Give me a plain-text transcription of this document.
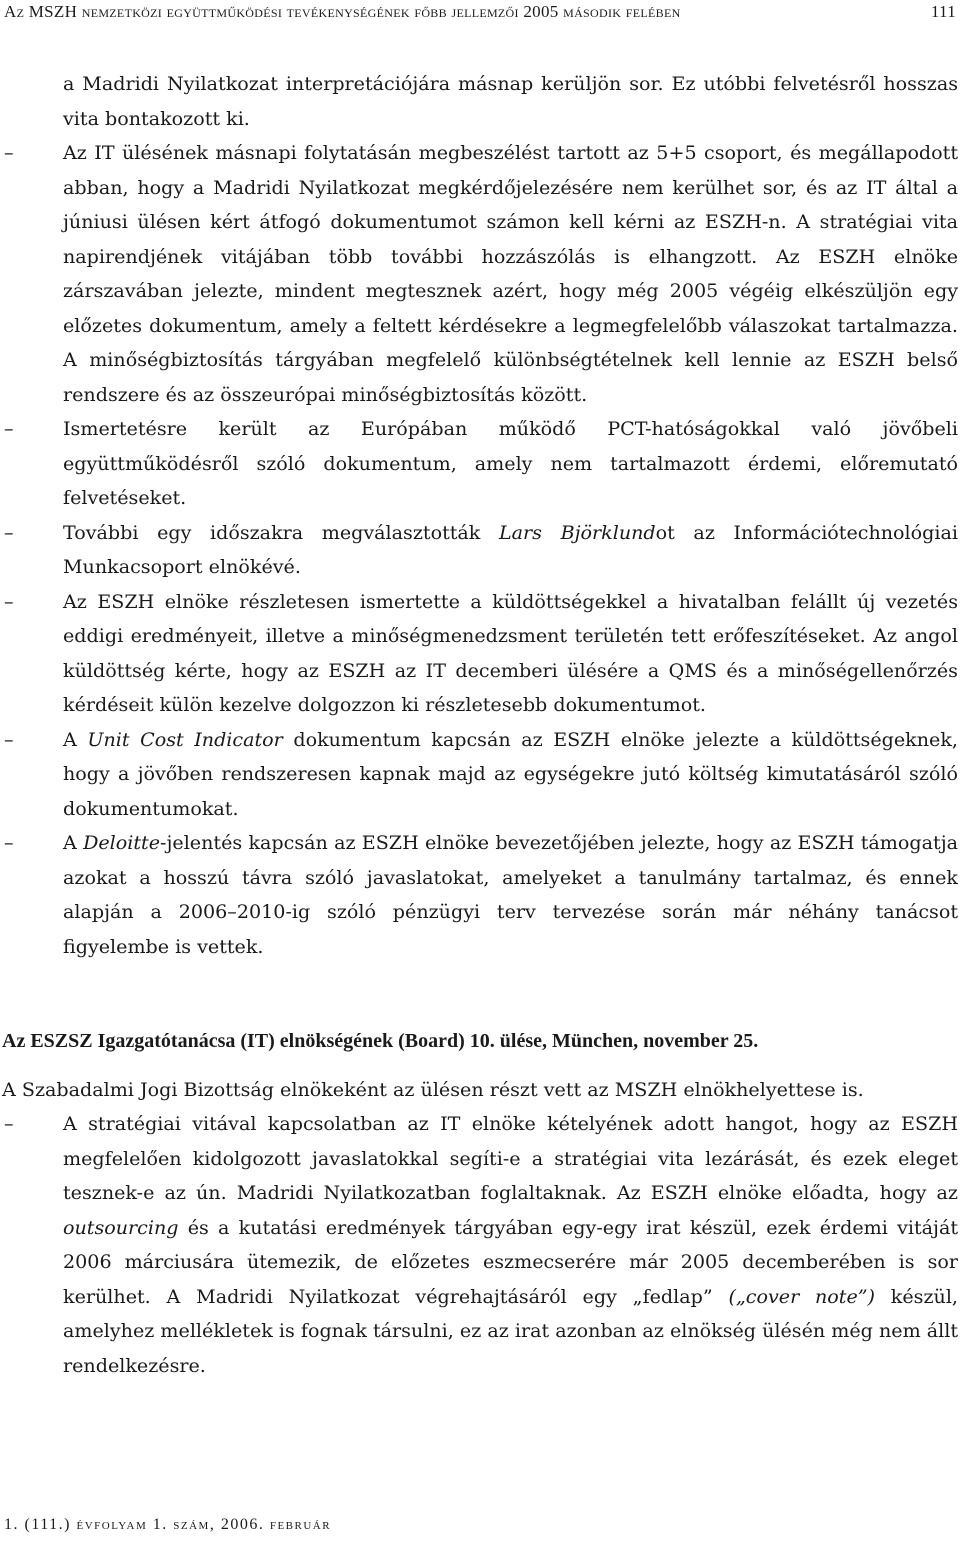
Az MSZH nemzetközi együttműködési tevékenységének főbb jellemzői 2005 második felében	111

a Madridi Nyilatkozat interpretációjára másnap kerüljön sor. Ez utóbbi felvetésről hosszas vita bontakozott ki.

–	Az IT ülésének másnapi folytatásán megbeszélést tartott az 5+5 csoport, és megállapodott abban, hogy a Madridi Nyilatkozat megkérdőjelezésére nem kerülhet sor, és az IT által a júniusi ülésen kért átfogó dokumentumot számon kell kérni az ESZH-n. A stratégiai vita napirendjének vitájában több további hozzászólás is elhangzott. Az ESZH elnöke zárszavában jelezte, mindent megtesznek azért, hogy még 2005 végéig elkészüljön egy előzetes dokumentum, amely a feltett kérdésekre a legmegfelelőbb válaszokat tartalmazza. A minőségbiztosítás tárgyában megfelelő különbségtételnek kell lennie az ESZH belső rendszere és az összeurópai minőségbiztosítás között.
–	Ismertetésre került az Európában működő PCT-hatóságokkal való jövőbeli együttműködésről szóló dokumentum, amely nem tartalmazott érdemi, előremutató felvetéseket.
–	További egy időszakra megválasztották Lars Björklundot az Információtechnológiai Munkacsoport elnökévé.
–	Az ESZH elnöke részletesen ismertette a küldöttségekkel a hivatalban felállt új vezetés eddigi eredményeit, illetve a minőségmenedzsment területén tett erőfeszítéseket. Az angol küldöttség kérte, hogy az ESZH az IT decemberi ülésére a QMS és a minőségellenőrzés kérdéseit külön kezelve dolgozzon ki részletesebb dokumentumot.
–	A Unit Cost Indicator dokumentum kapcsán az ESZH elnöke jelezte a küldöttségeknek, hogy a jövőben rendszeresen kapnak majd az egységekre jutó költség kimutatásáról szóló dokumentumokat.
–	A Deloitte-jelentés kapcsán az ESZH elnöke bevezetőjében jelezte, hogy az ESZH támogatja azokat a hosszú távra szóló javaslatokat, amelyeket a tanulmány tartalmaz, és ennek alapján a 2006–2010-ig szóló pénzügyi terv tervezése során már néhány tanácsot figyelembe is vettek.

Az ESZSZ Igazgatótanácsa (IT) elnökségének (Board) 10. ülése, München, november 25.

A Szabadalmi Jogi Bizottság elnökeként az ülésen részt vett az MSZH elnökhelyettese is.

–	A stratégiai vitával kapcsolatban az IT elnöke kételyének adott hangot, hogy az ESZH megfelelően kidolgozott javaslatokkal segíti-e a stratégiai vita lezárását, és ezek eleget tesznek-e az ún. Madridi Nyilatkozatban foglaltaknak. Az ESZH elnöke előadta, hogy az outsourcing és a kutatási eredmények tárgyában egy-egy irat készül, ezek érdemi vitáját 2006 márciusára ütemezik, de előzetes eszmecserére már 2005 decemberében is sor kerülhet. A Madridi Nyilatkozat végrehajtásáról egy „fedlap” („cover note”) készül, amelyhez mellékletek is fognak társulni, ez az irat azonban az elnökség ülésén még nem állt rendelkezésre.
1. (111.) évfolyam 1. szám, 2006. február
